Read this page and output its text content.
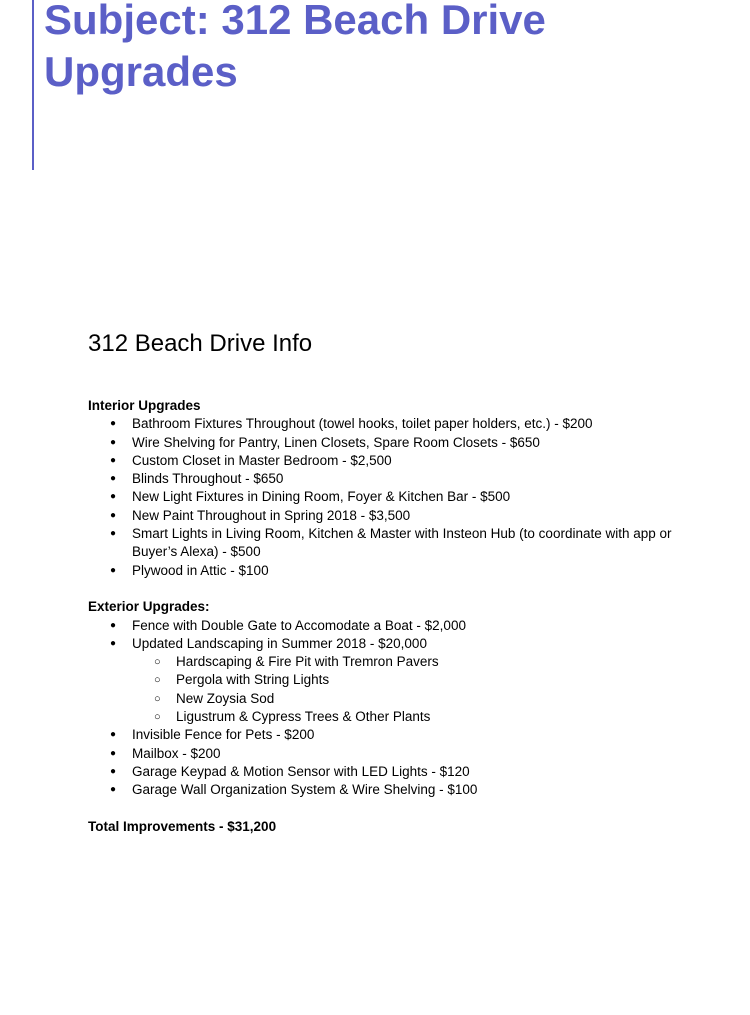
Subject: 312 Beach Drive Upgrades
312 Beach Drive Info
Interior Upgrades
● Bathroom Fixtures Throughout (towel hooks, toilet paper holders, etc.) - $200
● Wire Shelving for Pantry, Linen Closets, Spare Room Closets - $650
● Custom Closet in Master Bedroom - $2,500
● Blinds Throughout - $650
● New Light Fixtures in Dining Room, Foyer & Kitchen Bar - $500
● New Paint Throughout in Spring 2018 - $3,500
● Smart Lights in Living Room, Kitchen & Master with Insteon Hub (to coordinate with app or Buyer’s Alexa) - $500
● Plywood in Attic - $100
Exterior Upgrades:
● Fence with Double Gate to Accomodate a Boat - $2,000
● Updated Landscaping in Summer 2018 - $20,000
○ Hardscaping & Fire Pit with Tremron Pavers
○ Pergola with String Lights
○ New Zoysia Sod
○ Ligustrum & Cypress Trees & Other Plants
● Invisible Fence for Pets - $200
● Mailbox - $200
● Garage Keypad & Motion Sensor with LED Lights - $120
● Garage Wall Organization System & Wire Shelving - $100
Total Improvements - $31,200
